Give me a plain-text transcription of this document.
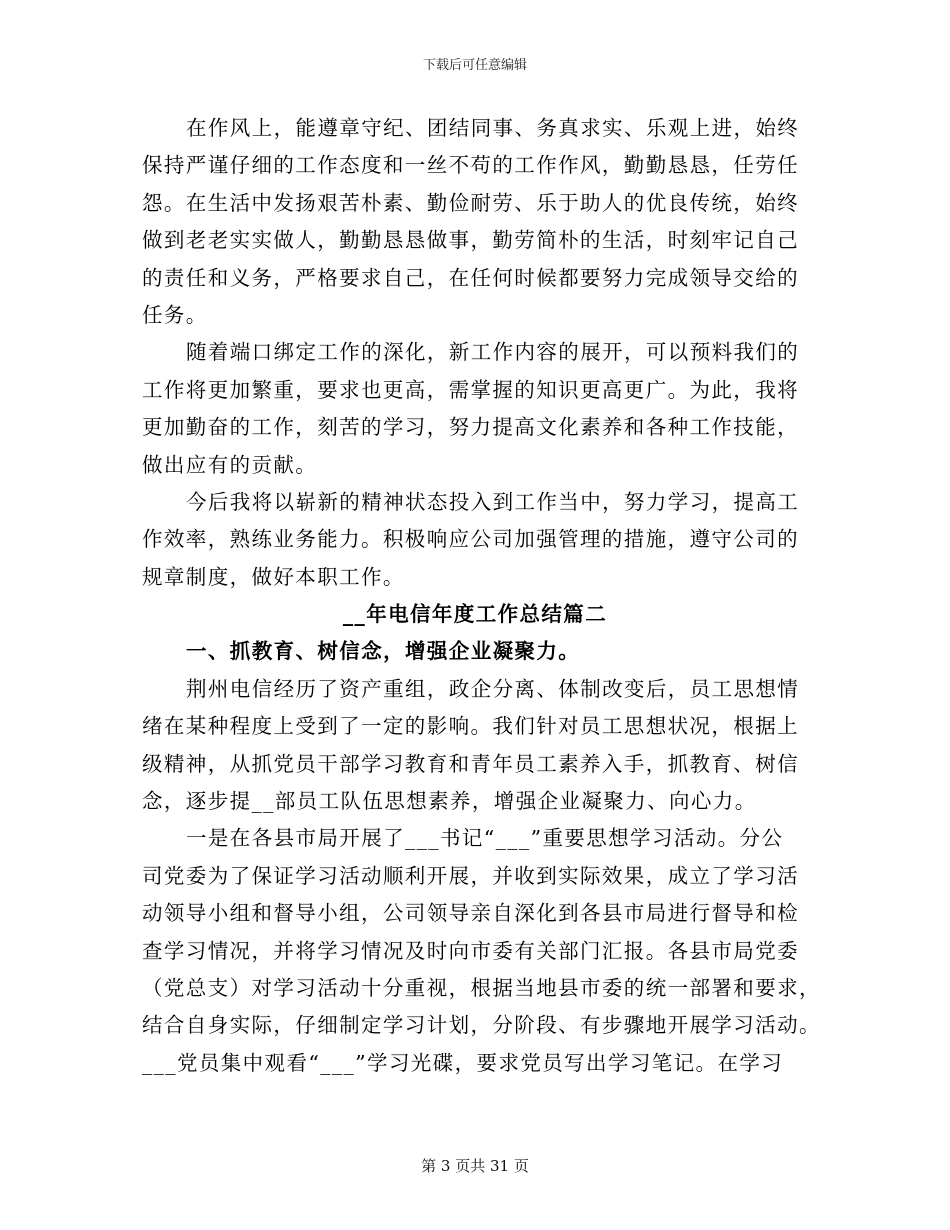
下载后可任意编辑
在作风上，能遵章守纪、团结同事、务真求实、乐观上进，始终
保持严谨仔细的工作态度和一丝不苟的工作作风，勤勤恳恳，任劳任
怨。在生活中发扬艰苦朴素、勤俭耐劳、乐于助人的优良传统，始终
做到老老实实做人，勤勤恳恳做事，勤劳简朴的生活，时刻牢记自己
的责任和义务，严格要求自己，在任何时候都要努力完成领导交给的
任务。
随着端口绑定工作的深化，新工作内容的展开，可以预料我们的
工作将更加繁重，要求也更高，需掌握的知识更高更广。为此，我将
更加勤奋的工作，刻苦的学习，努力提高文化素养和各种工作技能，
做出应有的贡献。
今后我将以崭新的精神状态投入到工作当中，努力学习，提高工
作效率，熟练业务能力。积极响应公司加强管理的措施，遵守公司的
规章制度，做好本职工作。
__年电信年度工作总结篇二
一、抓教育、树信念，增强企业凝聚力。
荆州电信经历了资产重组，政企分离、体制改变后，员工思想情
绪在某种程度上受到了一定的影响。我们针对员工思想状况，根据上
级精神，从抓党员干部学习教育和青年员工素养入手，抓教育、树信
念，逐步提__部员工队伍思想素养，增强企业凝聚力、向心力。
一是在各县市局开展了___书记“___”重要思想学习活动。分公
司党委为了保证学习活动顺利开展，并收到实际效果，成立了学习活
动领导小组和督导小组，公司领导亲自深化到各县市局进行督导和检
查学习情况，并将学习情况及时向市委有关部门汇报。各县市局党委
（党总支）对学习活动十分重视，根据当地县市委的统一部署和要求，
结合自身实际，仔细制定学习计划，分阶段、有步骤地开展学习活动。
___党员集中观看“___”学习光碟，要求党员写出学习笔记。在学习
第 3 页共 31 页
